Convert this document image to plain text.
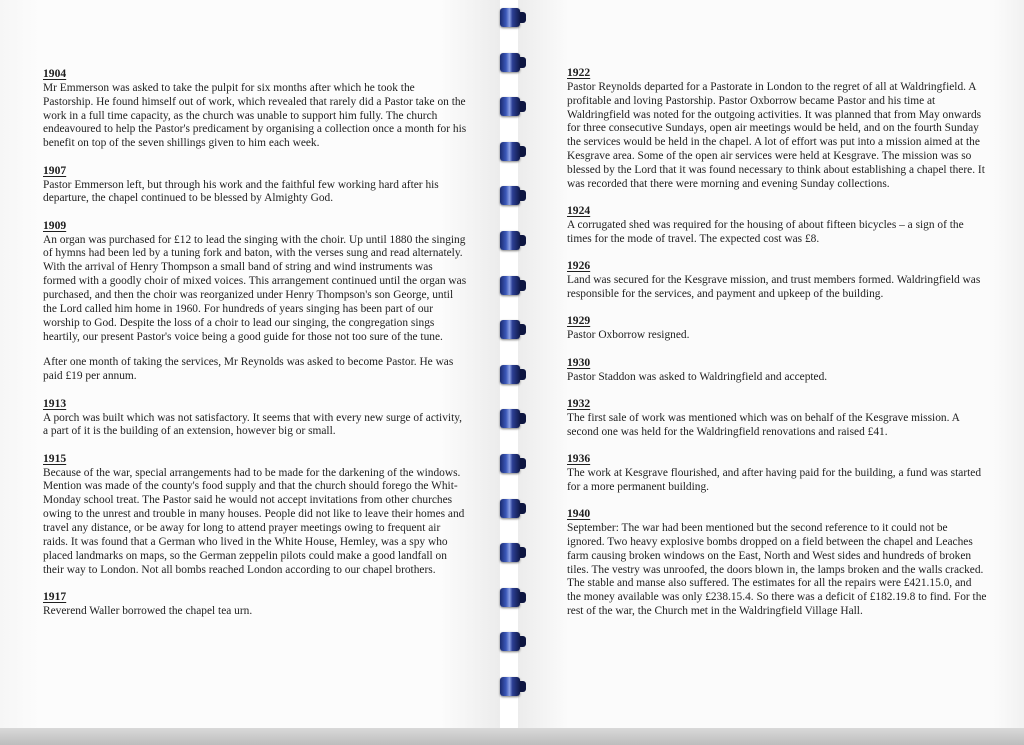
1904

Mr Emmerson was asked to take the pulpit for six months after which he took the Pastorship. He found himself out of work, which revealed that rarely did a Pastor take on the work in a full time capacity, as the church was unable to support him fully. The church endeavoured to help the Pastor's predicament by organising a collection once a month for his benefit on top of the seven shillings given to him each week.

1907

Pastor Emmerson left, but through his work and the faithful few working hard after his departure, the chapel continued to be blessed by Almighty God.

1909

An organ was purchased for £12 to lead the singing with the choir. Up until 1880 the singing of hymns had been led by a tuning fork and baton, with the verses sung and read alternately. With the arrival of Henry Thompson a small band of string and wind instruments was formed with a goodly choir of mixed voices. This arrangement continued until the organ was purchased, and then the choir was reorganized under Henry Thompson's son George, until the Lord called him home in 1960. For hundreds of years singing has been part of our worship to God. Despite the loss of a choir to lead our singing, the congregation sings heartily, our present Pastor's voice being a good guide for those not too sure of the tune.

After one month of taking the services, Mr Reynolds was asked to become Pastor. He was paid £19 per annum.

1913

A porch was built which was not satisfactory. It seems that with every new surge of activity, a part of it is the building of an extension, however big or small.

1915

Because of the war, special arrangements had to be made for the darkening of the windows. Mention was made of the county's food supply and that the church should forego the Whit-Monday school treat. The Pastor said he would not accept invitations from other churches owing to the unrest and trouble in many houses. People did not like to leave their homes and travel any distance, or be away for long to attend prayer meetings owing to frequent air raids. It was found that a German who lived in the White House, Hemley, was a spy who placed landmarks on maps, so the German zeppelin pilots could make a good landfall on their way to London. Not all bombs reached London according to our chapel brothers.

1917

Reverend Waller borrowed the chapel tea urn.

1922

Pastor Reynolds departed for a Pastorate in London to the regret of all at Waldringfield. A profitable and loving Pastorship. Pastor Oxborrow became Pastor and his time at Waldringfield was noted for the outgoing activities. It was planned that from May onwards for three consecutive Sundays, open air meetings would be held, and on the fourth Sunday the services would be held in the chapel. A lot of effort was put into a mission aimed at the Kesgrave area. Some of the open air services were held at Kesgrave. The mission was so blessed by the Lord that it was found necessary to think about establishing a chapel there. It was recorded that there were morning and evening Sunday collections.

1924

A corrugated shed was required for the housing of about fifteen bicycles – a sign of the times for the mode of travel. The expected cost was £8.

1926

Land was secured for the Kesgrave mission, and trust members formed. Waldringfield was responsible for the services, and payment and upkeep of the building.

1929

Pastor Oxborrow resigned.

1930

Pastor Staddon was asked to Waldringfield and accepted.

1932

The first sale of work was mentioned which was on behalf of the Kesgrave mission. A second one was held for the Waldringfield renovations and raised £41.

1936

The work at Kesgrave flourished, and after having paid for the building, a fund was started for a more permanent building.

1940

September: The war had been mentioned but the second reference to it could not be ignored. Two heavy explosive bombs dropped on a field between the chapel and Leaches farm causing broken windows on the East, North and West sides and hundreds of broken tiles. The vestry was unroofed, the doors blown in, the lamps broken and the walls cracked. The stable and manse also suffered. The estimates for all the repairs were £421.15.0, and the money available was only £238.15.4. So there was a deficit of £182.19.8 to find. For the rest of the war, the Church met in the Waldringfield Village Hall.
